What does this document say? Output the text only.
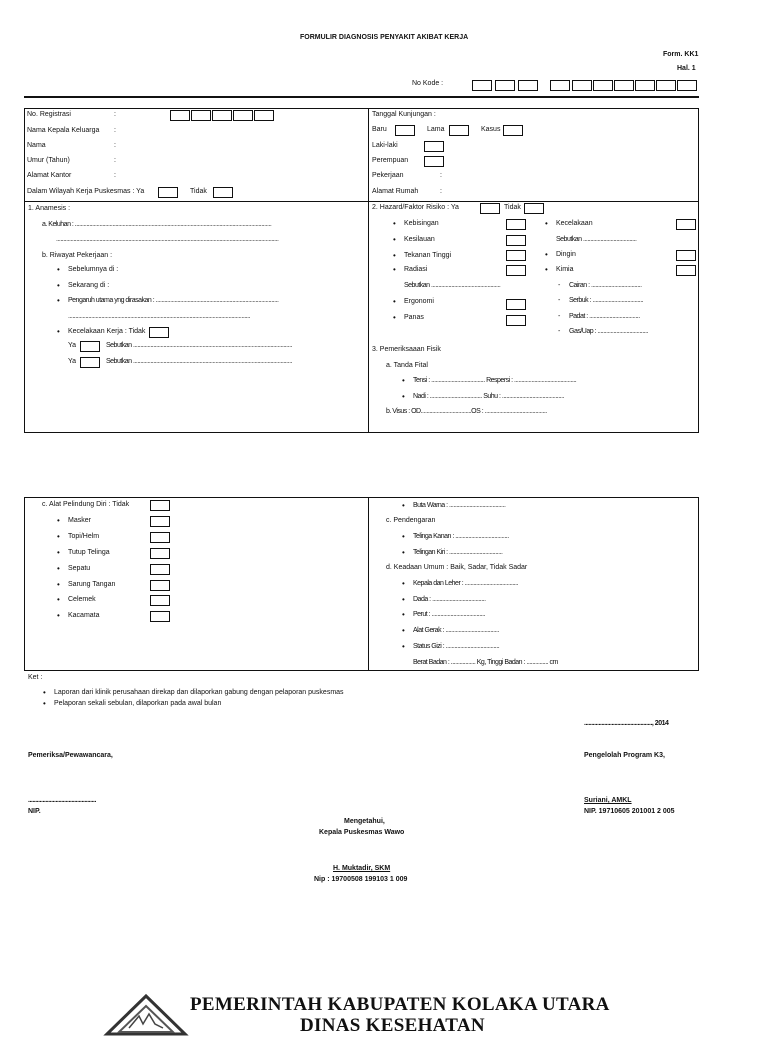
FORMULIR DIAGNOSIS PENYAKIT AKIBAT KERJA
Form. KK1
Hal. 1
No Kode :
No. Registrasi	:
Nama Kepala Keluarga :
Nama	:
Umur (Tahun)	:
Alamat Kantor	:
Dalam Wilayah Kerja Puskesmas : Ya	Tidak
Tanggal Kunjungan :
Baru	Lama	Kasus
Laki-laki
Perempuan
Pekerjaan	:
Alamat Rumah	:
1. Anamesis :
a. Keluhan : ........................................................................................................................................
..........................................................................................................................................................
b. Riwayat Pekerjaan :
• Sebelumnya di :
• Sekarang di :
• Pengaruh utama yng dirasakan : .....................................................................................
..............................................................................................................................
• Kecelakaan Kerja : Tidak
Ya	Sebutkan ..............................................................................................................
Ya	Sebutkan ..............................................................................................................
2. Hazard/Faktor Risiko : Ya	Tidak
• Kebisingan
• Kesilauan
• Tekanan Tinggi
• Radiasi
Sebutkan ................................................
• Ergonomi
• Panas
• Kecelakaan
Sebutkan .....................................
• Dingin
• Kimia
- Cairan : ...................................
- Serbuk : ...................................
- Padat : ...................................
- Gas/Uap : ...................................
3. Pemeriksaaan Fisik
a. Tanda Fital
• Tensi : ..................................... Respersi : ...........................................
• Nadi : .................................... Suhu : ...........................................
b. Visus : OD...................................OS : ...........................................
c. Alat Pelindung Diri : Tidak
• Masker
• Topi/Helm
• Tutup Telinga
• Sepatu
• Sarung Tangan
• Celemek
• Kacamata
• Buta Warna : .......................................
c. Pendengaran
• Telinga Kanan : .....................................
• Telingan Kiri : .....................................
d. Keadaan Umum : Baik, Sadar, Tidak Sadar
• Kepala dan Leher : .....................................
• Dada : .....................................
• Perut : .....................................
• Alat Gerak : .....................................
• Status Gizi : .....................................
Berat Badan : ................. Kg, Tinggi Badan : ............... cm
Ket :
• Laporan dari klinik perusahaan direkap dan dilaporkan gabung dengan pelaporan puskesmas
• Pelaporan sekali sebulan, dilaporkan pada awal bulan
..............................................., 2014
Pemeriksa/Pewawancara,	Pengelolah Program K3,
...............................................
NIP.
Suriani, AMKL
NIP. 19710605 201001 2 005
Mengetahui,
Kepala Puskesmas Wawo
H. Muktadir, SKM
Nip : 19700508 199103 1 009
PEMERINTAH KABUPATEN KOLAKA UTARA
DINAS KESEHATAN
